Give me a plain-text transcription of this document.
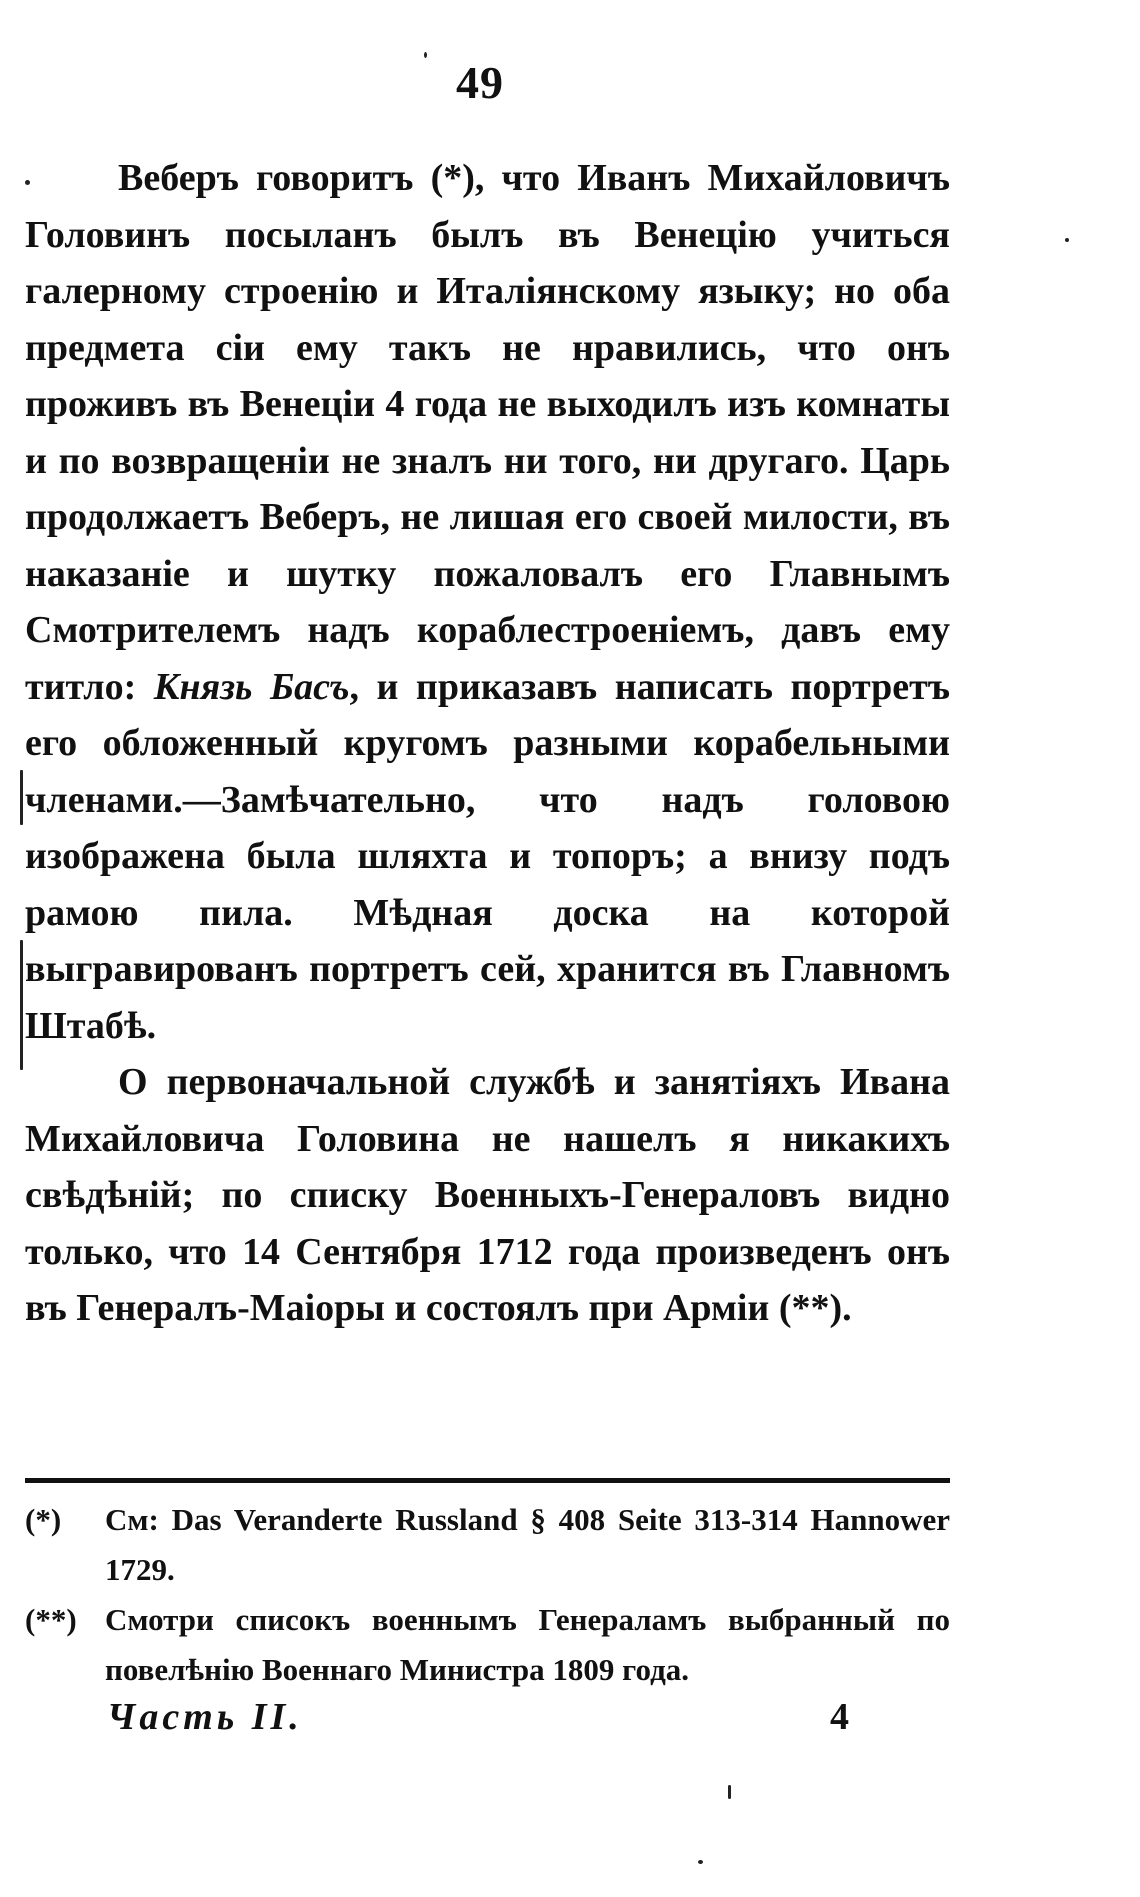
49

Веберъ говоритъ (*), что Иванъ Михайловичъ Головинъ посыланъ былъ въ Венецію учиться галерному строенію и Италіянскому языку; но оба предмета сіи ему такъ не нравились, что онъ проживъ въ Венеціи 4 года не выходилъ изъ комнаты и по возвращеніи не зналъ ни того, ни другаго. Царь продолжаетъ Веберъ, не лишая его своей милости, въ наказаніе и шутку пожаловалъ его Главнымъ Смотрителемъ надъ кораблестроеніемъ, давъ ему титло: Князь Басъ, и приказавъ написать портретъ его обложенный кругомъ разными корабельными членами.—Замѣчательно, что надъ головою изображена была шляхта и топоръ; а внизу подъ рамою пила. Мѣдная доска на которой выгравированъ портретъ сей, хранится въ Главномъ Штабѣ.

О первоначальной службѣ и занятіяхъ Ивана Михайловича Головина не нашелъ я никакихъ свѣдѣній; по списку Военныхъ-Генераловъ видно только, что 14 Сентября 1712 года произведенъ онъ въ Генералъ-Маіоры и состоялъ при Арміи (**).

(*)	См: Das Veranderte Russland § 408 Seite 313-314 Hannower 1729.
(**) Смотри списокъ военнымъ Генераламъ выбранный по повелѣнію Военнаго Министра 1809 года.
Часть II.	4
